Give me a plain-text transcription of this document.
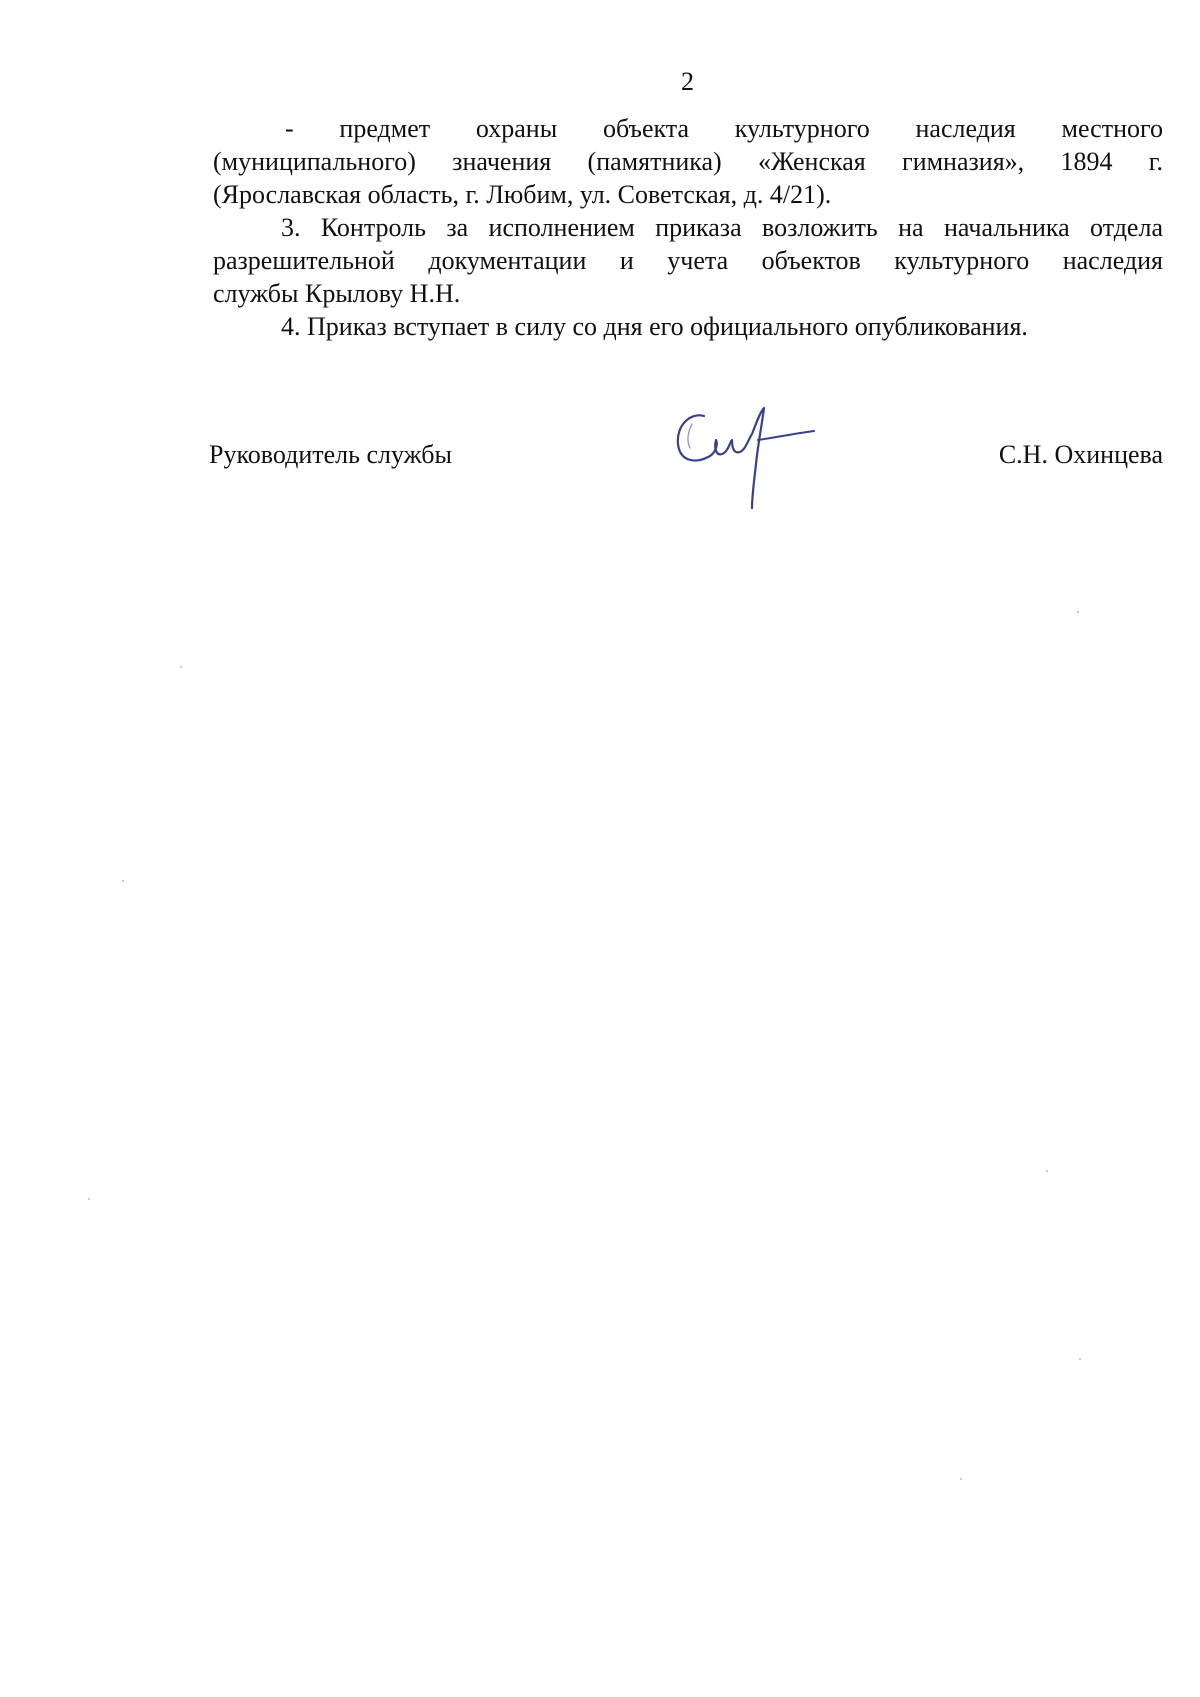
2
- предмет охраны объекта культурного наследия местного
(муниципального) значения (памятника) «Женская гимназия», 1894 г.
(Ярославская область, г. Любим, ул. Советская, д. 4/21).
3. Контроль за исполнением приказа возложить на начальника отдела
разрешительной документации и учета объектов культурного наследия
службы Крылову Н.Н.
4. Приказ вступает в силу со дня его официального опубликования.
Руководитель службы	С.Н. Охинцева
